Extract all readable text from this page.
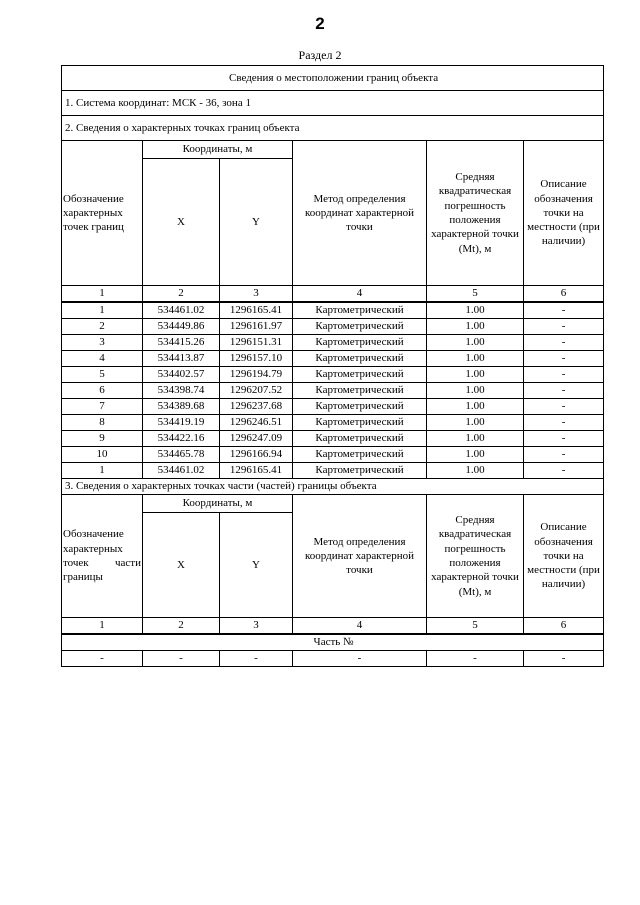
2
Раздел 2
Сведения о местоположении границ объекта					
1. Система координат: МСК - 36, зона 1					
2. Сведения о характерных точках границ объекта					
Обозначение характерных точек границ	Координаты, м		Метод определения координат характерной точки	Средняя квадратическая погрешность положения характерной точки (Mt), м	Описание обозначения точки на местности (при наличии)
	X	Y			
1	2	3	4	5	6
1	534461.02	1296165.41	Картометрический	1.00	-
2	534449.86	1296161.97	Картометрический	1.00	-
3	534415.26	1296151.31	Картометрический	1.00	-
4	534413.87	1296157.10	Картометрический	1.00	-
5	534402.57	1296194.79	Картометрический	1.00	-
6	534398.74	1296207.52	Картометрический	1.00	-
7	534389.68	1296237.68	Картометрический	1.00	-
8	534419.19	1296246.51	Картометрический	1.00	-
9	534422.16	1296247.09	Картометрический	1.00	-
10	534465.78	1296166.94	Картометрический	1.00	-
1	534461.02	1296165.41	Картометрический	1.00	-
3. Сведения о характерных точках части (частей) границы объекта					
Обозначение характерных

точек части
границы	Координаты, м		Метод определения координат характерной точки	Средняя квадратическая погрешность положения характерной точки (Mt), м	Описание обозначения точки на местности (при наличии)
	X	Y			
1	2	3	4	5	6
Часть №					
-	-	-	-	-	-
